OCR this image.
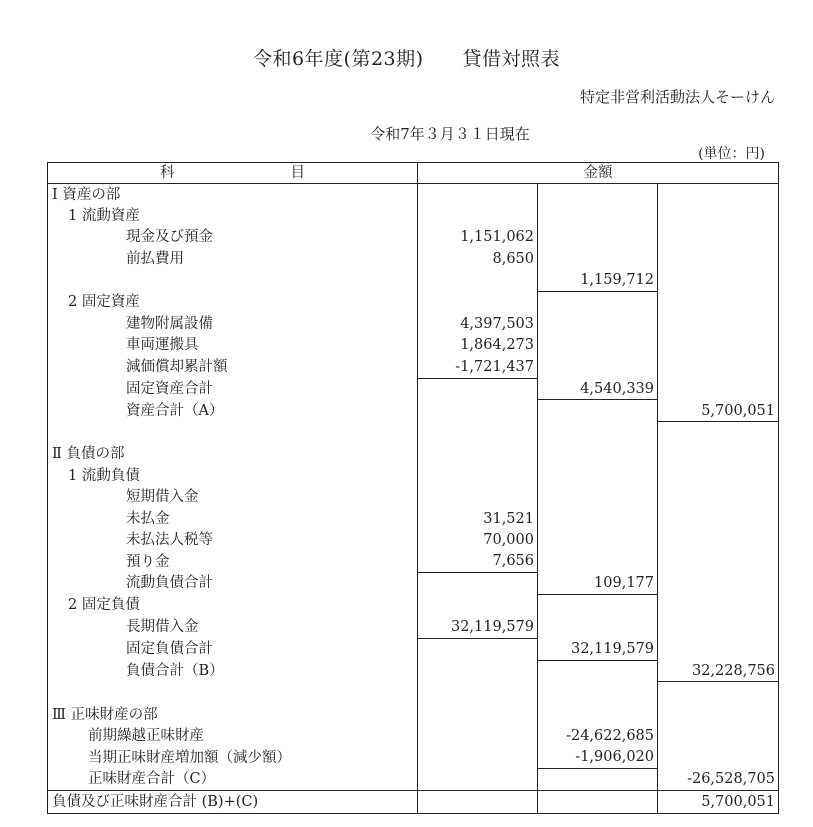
令和6年度(第23期)　　 貸借対照表
特定非営利活動法人そーけん
令和7年３月３１日現在
(単位：円)
科 目	金額		
Ⅰ 資産の部			
1 流動資産			
現金及び預金	1,151,062		
前払費用	8,650		
		1,159,712	
2 固定資産			
建物附属設備	4,397,503		
車両運搬具	1,864,273		
減価償却累計額	-1,721,437		
固定資産合計		4,540,339	
資産合計（A）			5,700,051

Ⅱ 負債の部			
1 流動負債			
短期借入金			
未払金	31,521		
未払法人税等	70,000		
預り金	7,656		
流動負債合計		109,177	
2 固定負債			
長期借入金	32,119,579		
固定負債合計		32,119,579	
負債合計（B）			32,228,756

Ⅲ 正味財産の部			
前期繰越正味財産		-24,622,685	
当期正味財産増加額（減少額）		-1,906,020	
正味財産合計（C）			-26,528,705
負債及び正味財産合計 (B)+(C)			5,700,051
